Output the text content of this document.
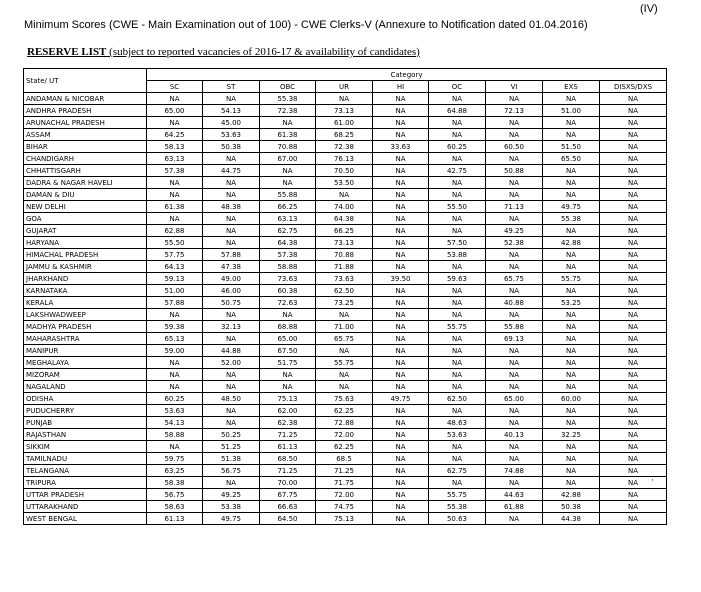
(IV)
Minimum Scores (CWE - Main Examination out of 100) - CWE Clerks-V (Annexure to Notification dated 01.04.2016)
RESERVE LIST (subject to reported vacancies of 2016-17 & availability of candidates)
State/ UT	Category								
	SC	ST	OBC	UR	HI	OC	VI	EXS	DISXS/DXS
ANDAMAN & NICOBAR	NA	NA	55.38	NA	NA	NA	NA	NA	NA
ANDHRA PRADESH	65.00	54.13	72.38	73.13	NA	64.88	72.13	51.00	NA
ARUNACHAL PRADESH	NA	45.00	NA	61.00	NA	NA	NA	NA	NA
ASSAM	64.25	53.63	61.38	68.25	NA	NA	NA	NA	NA
BIHAR	58.13	50.38	70.88	72.38	33.63	60.25	60.50	51.50	NA
CHANDIGARH	63.13	NA	67.00	76.13	NA	NA	NA	65.50	NA
CHHATTISGARH	57.38	44.75	NA	70.50	NA	42.75	50.88	NA	NA
DADRA & NAGAR HAVELI	NA	NA	NA	53.50	NA	NA	NA	NA	NA
DAMAN & DIU	NA	NA	55.88	NA	NA	NA	NA	NA	NA
NEW DELHI	61.38	48.38	66.25	74.00	NA	55.50	71.13	49.75	NA
GOA	NA	NA	63.13	64.38	NA	NA	NA	55.38	NA
GUJARAT	62.88	NA	62.75	66.25	NA	NA	49.25	NA	NA
HARYANA	55.50	NA	64.38	73.13	NA	57.50	52.38	42.88	NA
HIMACHAL PRADESH	57.75	57.88	57.38	70.88	NA	53.88	NA	NA	NA
JAMMU & KASHMIR	64.13	47.38	58.88	71.88	NA	NA	NA	NA	NA
JHARKHAND	59.13	49.00	73.63	73.63	39.50	59.63	65.75	55.75	NA
KARNATAKA	51.00	46.00	60.38	62.50	NA	NA	NA	NA	NA
KERALA	57.88	50.75	72.63	73.25	NA	NA	40.88	53.25	NA
LAKSHWADWEEP	NA	NA	NA	NA	NA	NA	NA	NA	NA
MADHYA PRADESH	59.38	32.13	68.88	71.00	NA	55.75	55.88	NA	NA
MAHARASHTRA	65.13	NA	65.00	65.75	NA	NA	69.13	NA	NA
MANIPUR	59.00	44.88	67.50	NA	NA	NA	NA	NA	NA
MEGHALAYA	NA	52.00	51.75	55.75	NA	NA	NA	NA	NA
MIZORAM	NA	NA	NA	NA	NA	NA	NA	NA	NA
NAGALAND	NA	NA	NA	NA	NA	NA	NA	NA	NA
ODISHA	60.25	48.50	75.13	75.63	49.75	62.50	65.00	60.00	NA
PUDUCHERRY	53.63	NA	62.00	62.25	NA	NA	NA	NA	NA
PUNJAB	54.13	NA	62.38	72.88	NA	48.63	NA	NA	NA
RAJASTHAN	58.88	50.25	71.25	72.00	NA	53.63	40.13	32.25	NA
SIKKIM	NA	51.25	61.13	62.25	NA	NA	NA	NA	NA
TAMILNADU	59.75	51.38	68.50	68.5	NA	NA	NA	NA	NA
TELANGANA	63.25	56.75	71.25	71.25	NA	62.75	74.88	NA	NA
TRIPURA	58.38	NA	70.00	71.75	NA	NA	NA	NA	NA
UTTAR PRADESH	56.75	49.25	67.75	72.00	NA	55.75	44.63	42.88	NA
UTTARAKHAND	58.63	53.38	66.63	74.75	NA	55.38	61.88	50.38	NA
WEST BENGAL	61.13	49.75	64.50	75.13	NA	50.63	NA	44.38	NA
·
